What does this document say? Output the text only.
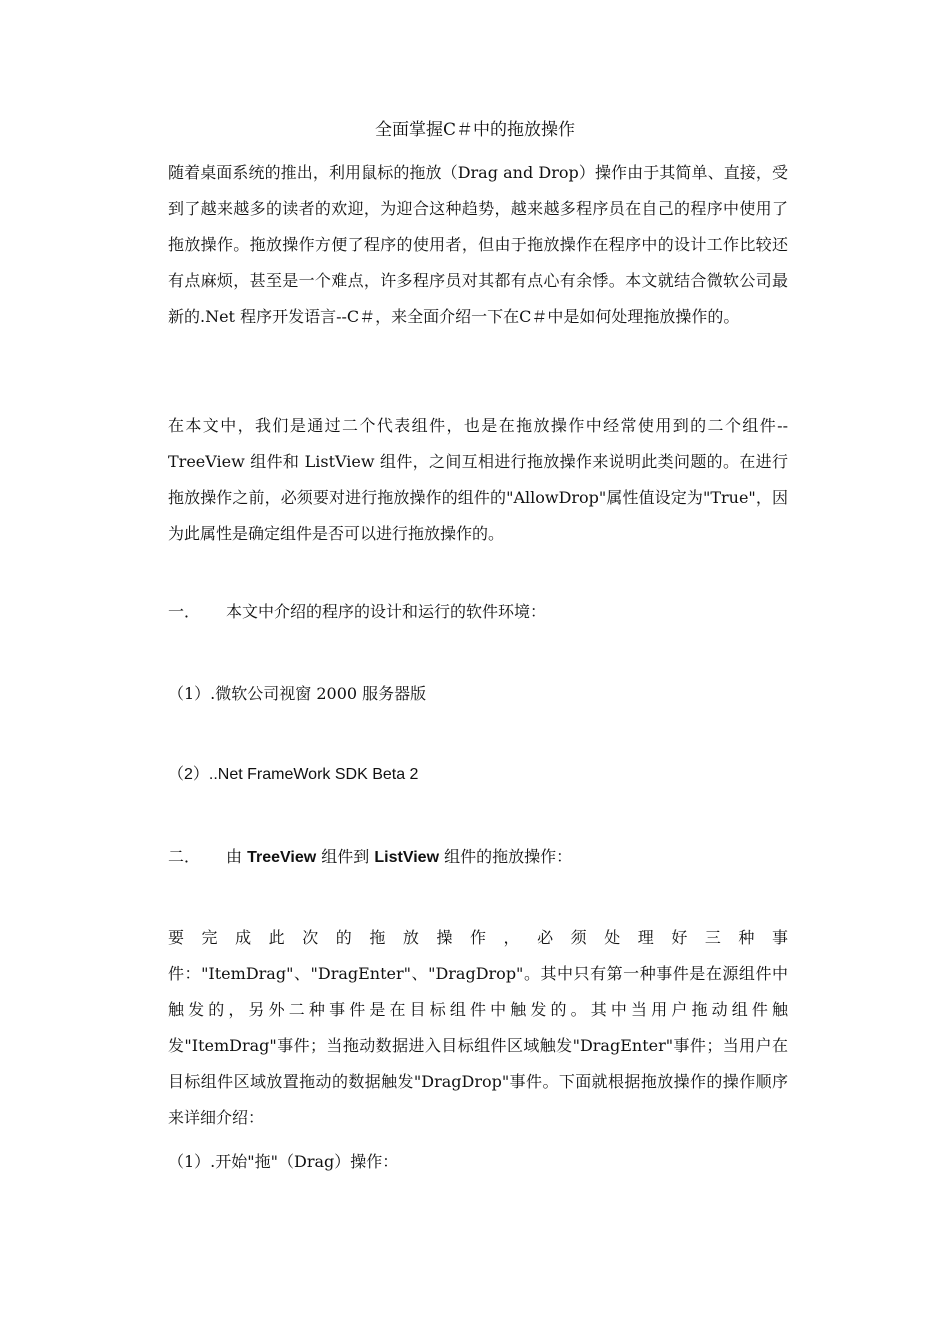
全面掌握C＃中的拖放操作

随着桌面系统的推出，利用鼠标的拖放（Drag and Drop）操作由于其简单、直接，受到了越来越多的读者的欢迎，为迎合这种趋势，越来越多程序员在自己的程序中使用了拖放操作。拖放操作方便了程序的使用者，但由于拖放操作在程序中的设计工作比较还有点麻烦，甚至是一个难点，许多程序员对其都有点心有余悸。本文就结合微软公司最新的.Net 程序开发语言--C＃，来全面介绍一下在C＃中是如何处理拖放操作的。

在本文中，我们是通过二个代表组件，也是在拖放操作中经常使用到的二个组件--TreeView 组件和 ListView 组件，之间互相进行拖放操作来说明此类问题的。在进行拖放操作之前，必须要对进行拖放操作的组件的"AllowDrop"属性值设定为"True"，因为此属性是确定组件是否可以进行拖放操作的。

一． 本文中介绍的程序的设计和运行的软件环境：
（1）.微软公司视窗 2000 服务器版
（2）..Net FrameWork SDK Beta 2
二． 由 TreeView 组件到 ListView 组件的拖放操作：

要完成此次的拖放操作，必须处理好三种事件："ItemDrag"、"DragEnter"、"DragDrop"。其中只有第一种事件是在源组件中触发的，另外二种事件是在目标组件中触发的。其中当用户拖动组件触发"ItemDrag"事件；当拖动数据进入目标组件区域触发"DragEnter"事件；当用户在目标组件区域放置拖动的数据触发"DragDrop"事件。下面就根据拖放操作的操作顺序来详细介绍：

（1）.开始"拖"（Drag）操作：
